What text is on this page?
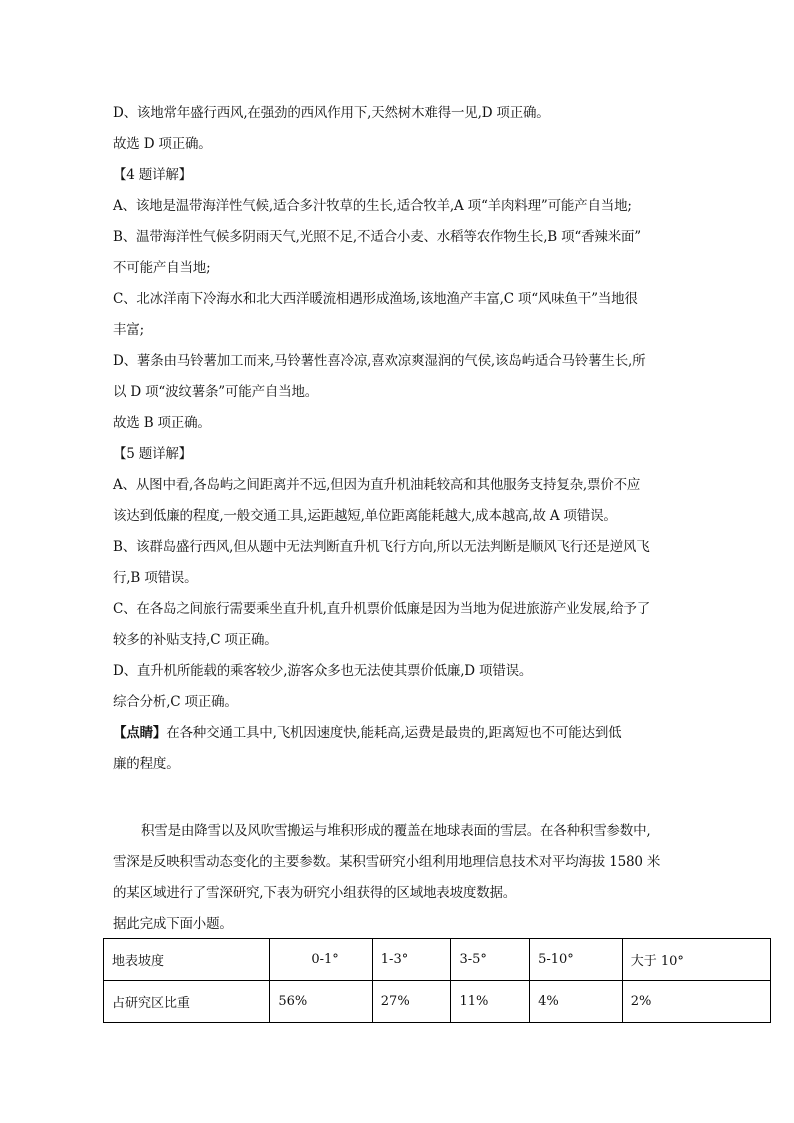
D、该地常年盛行西风,在强劲的西风作用下,天然树木难得一见,D 项正确。
故选 D 项正确。
【4 题详解】
A、该地是温带海洋性气候,适合多汁牧草的生长,适合牧羊,A 项“羊肉料理”可能产自当地;
B、温带海洋性气候多阴雨天气,光照不足,不适合小麦、水稻等农作物生长,B 项“香辣米面”
不可能产自当地;
C、北冰洋南下冷海水和北大西洋暖流相遇形成渔场,该地渔产丰富,C 项“风味鱼干”当地很
丰富;
D、薯条由马铃薯加工而来,马铃薯性喜冷凉,喜欢凉爽湿润的气侯,该岛屿适合马铃薯生长,所
以 D 项“波纹薯条”可能产自当地。
故选 B 项正确。
【5 题详解】
A、从图中看,各岛屿之间距离并不远,但因为直升机油耗较高和其他服务支持复杂,票价不应
该达到低廉的程度,一般交通工具,运距越短,单位距离能耗越大,成本越高,故 A 项错误。
B、该群岛盛行西风,但从题中无法判断直升机飞行方向,所以无法判断是顺风飞行还是逆风飞
行,B 项错误。
C、在各岛之间旅行需要乘坐直升机,直升机票价低廉是因为当地为促进旅游产业发展,给予了
较多的补贴支持,C 项正确。
D、直升机所能载的乘客较少,游客众多也无法使其票价低廉,D 项错误。
综合分析,C 项正确。
【点睛】在各种交通工具中,飞机因速度快,能耗高,运费是最贵的,距离短也不可能达到低
廉的程度。
积雪是由降雪以及风吹雪搬运与堆积形成的覆盖在地球表面的雪层。在各种积雪参数中,
雪深是反映积雪动态变化的主要参数。某积雪研究小组利用地理信息技术对平均海拔 1580 米
的某区域进行了雪深研究,下表为研究小组获得的区域地表坡度数据。
据此完成下面小题。
地表坡度	0-1°	1-3°	3-5°	5-10°	大于 10°
占研究区比重	56%	27%	11%	4%	2%
